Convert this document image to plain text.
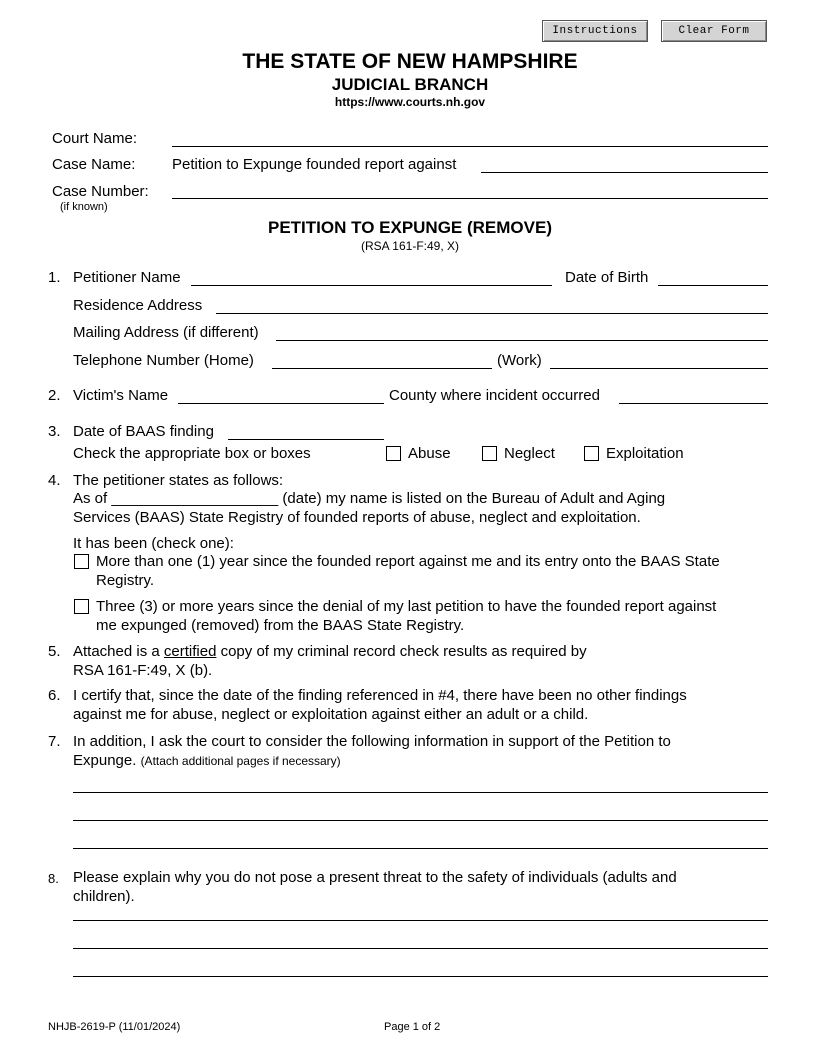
Instructions	Clear Form
THE STATE OF NEW HAMPSHIRE
JUDICIAL BRANCH
https://www.courts.nh.gov
Court Name:
Case Name: Petition to Expunge founded report against
Case Number:
(if known)
PETITION TO EXPUNGE (REMOVE)
(RSA 161-F:49, X)
1. Petitioner Name	Date of Birth
Residence Address
Mailing Address (if different)
Telephone Number (Home)	(Work)
2. Victim's Name	County where incident occurred
3. Date of BAAS finding
Check the appropriate box or boxes	Abuse	Neglect	Exploitation
4. The petitioner states as follows:
As of ____________________ (date) my name is listed on the Bureau of Adult and Aging
Services (BAAS) State Registry of founded reports of abuse, neglect and exploitation.
It has been (check one):
More than one (1) year since the founded report against me and its entry onto the BAAS State
Registry.
Three (3) or more years since the denial of my last petition to have the founded report against
me expunged (removed) from the BAAS State Registry.
5. Attached is a certified copy of my criminal record check results as required by
RSA 161-F:49, X (b).
6. I certify that, since the date of the finding referenced in #4, there have been no other findings
against me for abuse, neglect or exploitation against either an adult or a child.
7. In addition, I ask the court to consider the following information in support of the Petition to
Expunge. (Attach additional pages if necessary)
8. Please explain why you do not pose a present threat to the safety of individuals (adults and
children).
NHJB-2619-P (11/01/2024)	Page 1 of 2
